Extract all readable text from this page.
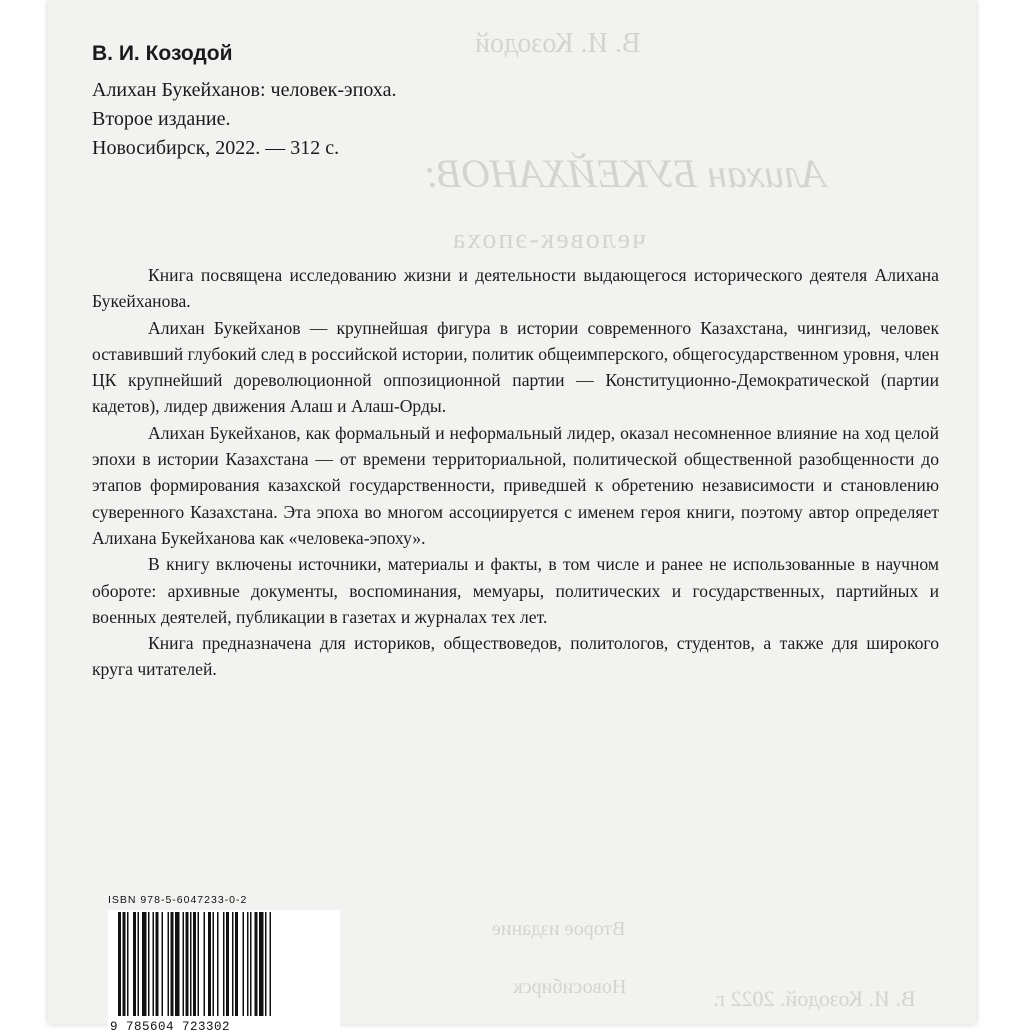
В. И. Козодой
Алихан БУКЕЙХАНОВ:
человек-эпоха
Второе издание
Новосибирск	В. И. Козодой. 2022 г.
В. И. Козодой
Алихан Букейханов: человек-эпоха.
Второе издание.
Новосибирск, 2022. — 312 с.

Книга посвящена исследованию жизни и деятельности выдающегося исторического деятеля Алихана Букейханова.

Алихан Букейханов — крупнейшая фигура в истории современного Казахстана, чингизид, человек оставивший глубокий след в российской истории, политик общеимперского, общегосударственном уровня, член ЦК крупнейший дореволюционной оппозиционной партии — Конституционно-Демократической (партии кадетов), лидер движения Алаш и Алаш-Орды.

Алихан Букейханов, как формальный и неформальный лидер, оказал несомненное влияние на ход целой эпохи в истории Казахстана — от времени территориальной, политической общественной разобщенности до этапов формирования казахской государственности, приведшей к обретению независимости и становлению суверенного Казахстана. Эта эпоха во многом ассоциируется с именем героя книги, поэтому автор определяет Алихана Букейханова как «человека-эпоху».

В книгу включены источники, материалы и факты, в том числе и ранее не использованные в научном обороте: архивные документы, воспоминания, мемуары, политических и государственных, партийных и военных деятелей, публикации в газетах и журналах тех лет.

Книга предназначена для историков, обществоведов, политологов, студентов, а также для широкого круга читателей.

ISBN 978-5-6047233-0-2
9 785604 723302
